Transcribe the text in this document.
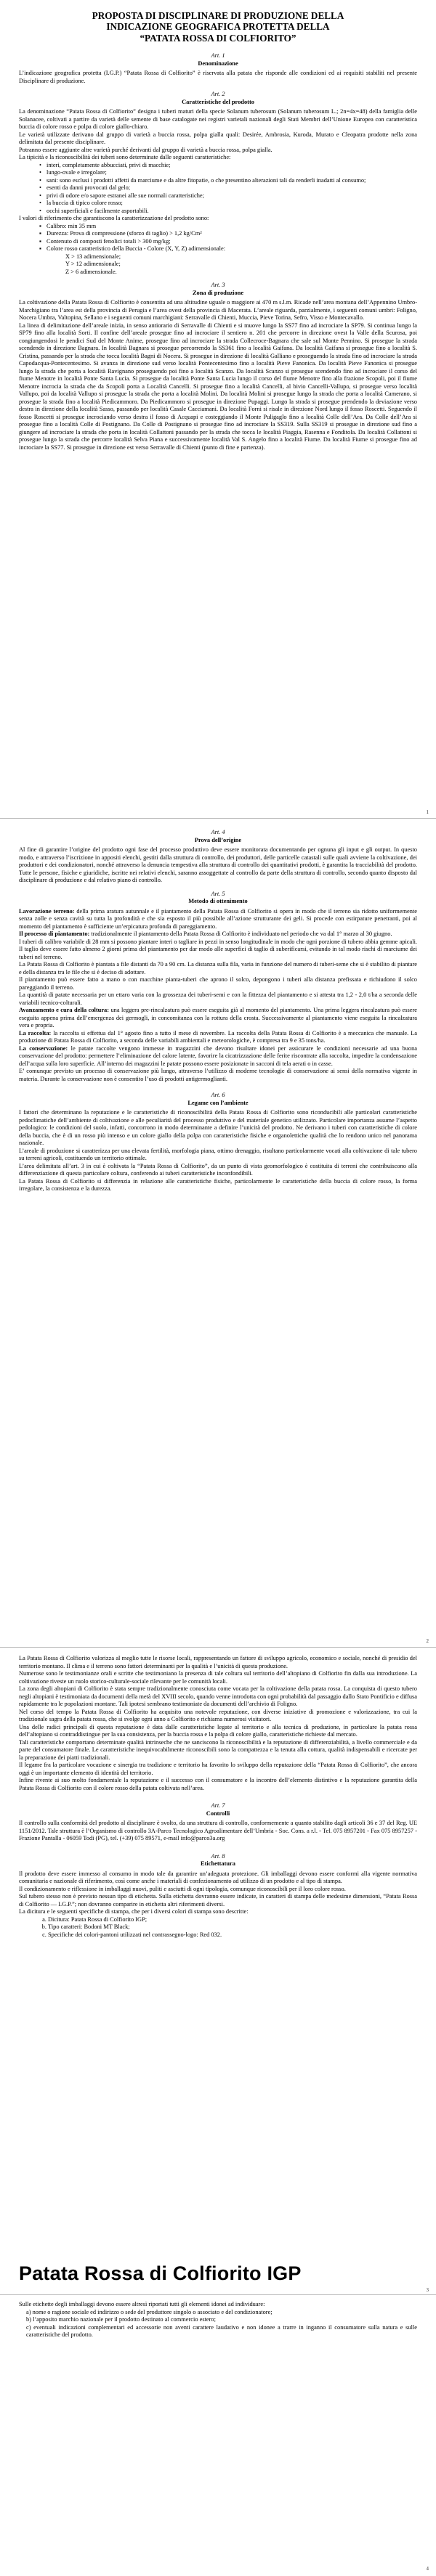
PROPOSTA DI DISCIPLINARE DI PRODUZIONE DELLA

INDICAZIONE GEOGRAFICA PROTETTA DELLA

“PATATA ROSSA DI COLFIORITO”

Art. 1

Denominazione

L’indicazione geografica protetta (I.G.P.) “Patata Rossa di Colfiorito” è riservata alla patata che risponde alle condizioni ed ai requisiti stabiliti nel presente Disciplinare di produzione.

Art. 2

Caratteristiche del prodotto

La denominazione “Patata Rossa di Colfiorito” designa i tuberi maturi della specie Solanum tuberosum (Solanum tuberosum L.; 2n=4x=48) della famiglia delle Solanacee, coltivati a partire da varietà delle semente di base catalogate nei registri varietali nazionali degli Stati Membri dell’Unione Europea con caratteristica buccia di colore rosso e polpa di colore giallo-chiaro.

Le varietà utilizzate derivano dal gruppo di varietà a buccia rossa, polpa gialla quali: Desirée, Ambrosia, Kuroda, Murato e Cleopatra prodotte nella zona delimitata dal presente disciplinare.

Potranno essere aggiunte altre varietà purché derivanti dal gruppo di varietà a buccia rossa, polpa gialla.

La tipicità e la riconoscibilità dei tuberi sono determinate dalle seguenti caratteristiche:

• interi, completamente abbucciati, privi di macchie;
• lungo-ovale e irregolare;
• sani: sono esclusi i prodotti affetti da marciume e da altre fitopatie, o che presentino alterazioni tali da renderli inadatti al consumo;
• esenti da danni provocati dal gelo;
• privi di odore e/o sapore estranei alle sue normali caratteristiche;
• la buccia di tipico colore rosso;
• occhi superficiali e facilmente asportabili.

I valori di riferimento che garantiscono la caratterizzazione del prodotto sono:

▪ Calibro: min 35 mm
▪ Durezza: Prova di compressione (sforzo di taglio) > 1,2 kg/Cm²
▪ Contenuto di composti fenolici totali > 300 mg/kg;
▪ Colore rosso caratteristico della Buccia - Colore (X, Y, Z) adimensionale:
X > 13 adimensionale;
Y > 12 adimensionale;
Z > 6 adimensionale.

Art. 3

Zona di produzione

La coltivazione della Patata Rossa di Colfiorito è consentita ad una altitudine uguale o maggiore ai 470 m s.l.m. Ricade nell’area montana dell’Appennino Umbro-Marchigiano tra l’area est della provincia di Perugia e l’area ovest della provincia di Macerata. L’areale riguarda, parzialmente, i seguenti comuni umbri: Foligno, Nocera Umbra, Valtopina, Sellano e i seguenti comuni marchigiani: Serravalle di Chienti, Muccia, Pieve Torina, Sefro, Visso e Montecavallo.

La linea di delimitazione dell’areale inizia, in senso antiorario di Serravalle di Chienti e si muove lungo la SS77 fino ad incrociare la SP79. Si continua lungo la SP79 fino alla località Sorti. Il confine dell’areale prosegue fino ad incrociare il sentiero n. 201 che percorre in direzione ovest la Valle della Scurosa, poi congiungendosi le pendici Sud del Monte Anime, prosegue fino ad incrociare la strada Collecroce-Bagnara che sale sul Monte Pennino. Si prosegue la strada scendendo in direzione Bagnara. In località Bagnara si prosegue percorrendo la SS361 fino a località Gaifana. Da località Gaifana si prosegue fino a località S. Cristina, passando per la strada che tocca località Bagni di Nocera. Si prosegue in direzione di località Galliano e proseguendo la strada fino ad incrociare la strada Capodacqua-Pontecentesimo. Si avanza in direzione sud verso località Pontecentesimo fino a località Pieve Fanonica. Da località Pieve Fanonica si prosegue lungo la strada che porta a località Ravignano proseguendo poi fino a località Scanzo. Da località Scanzo si prosegue scendendo fino ad incrociare il corso del fiume Menotre in località Ponte Santa Lucia. Si prosegue da località Ponte Santa Lucia lungo il corso del fiume Menotre fino alla frazione Scopoli, poi il fiume Menotre incrocia la strada che da Scopoli porta a Località Cancelli. Si prosegue fino a località Cancelli, al bivio Cancelli-Vallupo, si prosegue verso località Vallupo, poi da località Vallupo si prosegue la strada che porta a località Molini. Da località Molini si prosegue lungo la strada che porta a località Camerano, si prosegue la strada fino a località Piedicammoro. Da Piedicammoro si prosegue in direzione Pupaggi. Lungo la strada si prosegue prendendo la deviazione verso destra in direzione della località Sasso, passando per località Casale Cacciamani. Da località Forni si risale in direzione Nord lungo il fosso Roscetti. Seguendo il fosso Roscetti si prosegue incrociando verso destra il fosso di Acquapi e costeggiando il Monte Puligaglo fino a località Colle dell’Ara. Da Colle dell’Ara si prosegue fino a località Colle di Postignano. Da Colle di Postignano si prosegue fino ad incrociare la SS319. Sulla SS319 si prosegue in direzione sud fino a giungere ad incrociare la strada che porta in località Collattoni passando per la strada che tocca le località Piaggia, Rasenna e Fonditola. Da località Collattoni si prosegue lungo la strada che percorre località Selva Piana e successivamente località Val S. Angelo fino a località Fiume. Da località Fiume si prosegue fino ad incrociare la SS77. Si prosegue in direzione est verso Serravalle di Chienti (punto di fine e partenza).

1

Art. 4

Prova dell’origine

Al fine di garantire l’origine del prodotto ogni fase del processo produttivo deve essere monitorata documentando per ognuna gli input e gli output. In questo modo, e attraverso l’iscrizione in appositi elenchi, gestiti dalla struttura di controllo, dei produttori, delle particelle catastali sulle quali avviene la coltivazione, dei produttori e dei condizionatori, nonché attraverso la denuncia tempestiva alla struttura di controllo dei quantitativi prodotti, è garantita la tracciabilità del prodotto. Tutte le persone, fisiche e giuridiche, iscritte nei relativi elenchi, saranno assoggettate al controllo da parte della struttura di controllo, secondo quanto disposto dal disciplinare di produzione e dal relativo piano di controllo.

Art. 5

Metodo di ottenimento

Lavorazione terreno: della prima aratura autunnale e il piantamento della Patata Rossa di Colfiorito si opera in modo che il terreno sia ridotto uniformemente senza zolle e senza cavità su tutta la profondità e che sia esposto il più possibile all’azione strutturante dei geli. Si procede con estirpature penetranti, poi al momento del piantamento è sufficiente un’erpicatura profonda di pareggiamento.

Il processo di piantamento: tradizionalmente il piantamento della Patata Rossa di Colfiorito è individuato nel periodo che va dal 1° marzo al 30 giugno.

I tuberi di calibro variabile di 28 mm si possono piantare interi o tagliare in pezzi in senso longitudinale in modo che ogni porzione di tubero abbia gemme apicali. Il taglio deve essere fatto almeno 2 giorni prima del piantamento per dar modo alle superfici di taglio di suberificarsi, evitando in tal modo rischi di marciume dei tuberi nel terreno.

La Patata Rossa di Colfiorito è piantata a file distanti da 70 a 90 cm. La distanza sulla fila, varia in funzione del numero di tuberi-seme che si è stabilito di piantare e della distanza tra le file che si è deciso di adottare.

Il piantamento può essere fatto a mano o con macchine pianta-tuberi che aprono il solco, depongono i tuberi alla distanza prefissata e richiudono il solco pareggiando il terreno.

La quantità di patate necessaria per un ettaro varia con la grossezza dei tuberi-semi e con la fittezza del piantamento e si attesta tra 1,2 - 2,0 t/ha a seconda delle variabili tecnico-colturali.

Avanzamento e cura della coltura: una leggera pre-rincalzatura può essere eseguita già al momento del piantamento. Una prima leggera rincalzatura può essere eseguita appena prima dell’emergenza dei germogli, in concomitanza con la rottura della crosta. Successivamente al piantamento viene eseguita la rincalzatura vera e propria.

La raccolta: la raccolta si effettua dal 1° agosto fino a tutto il mese di novembre. La raccolta della Patata Rossa di Colfiorito è a meccanica che manuale. La produzione di Patata Rossa di Colfiorito, a seconda delle variabili ambientali e meteorologiche, è compresa tra 9 e 35 tons/ha.

La conservazione: le patate raccolte vengono immesse in magazzini che devono risultare idonei per assicurare le condizioni necessarie ad una buona conservazione del prodotto: permettere l’eliminazione del calore latente, favorire la cicatrizzazione delle ferite riscontrate alla raccolta, impedire la condensazione dell’acqua sulla loro superficie. All’interno dei magazzini le patate possono essere posizionate in sacconi di tela aerati o in casse.

E’ comunque previsto un processo di conservazione più lungo, attraverso l’utilizzo di moderne tecnologie di conservazione ai sensi della normativa vigente in materia. Durante la conservazione non è consentito l’uso di prodotti antigermoglianti.

Art. 6

Legame con l’ambiente

I fattori che determinano la reputazione e le caratteristiche di riconoscibilità della Patata Rossa di Colfiorito sono riconducibili alle particolari caratteristiche pedoclimatiche dell’ambiente di coltivazione e alle peculiarità del processo produttivo e del materiale genetico utilizzato. Particolare importanza assume l’aspetto pedologico: le condizioni del suolo, infatti, concorrono in modo determinante a definire l’unicità del prodotto. Ne derivano i tuberi con caratteristiche di colore della buccia, che è di un rosso più intenso e un colore giallo della polpa con caratteristiche fisiche e organolettiche qualità che lo rendono unico nel panorama nazionale.

L’areale di produzione si caratterizza per una elevata fertilità, morfologia piana, ottimo drenaggio, risultano particolarmente vocati alla coltivazione di tale tubero su terreni agricoli, costituendo un territorio ottimale.

L’area delimitata all’art. 3 in cui è coltivata la “Patata Rossa di Colfiorito”, da un punto di vista geomorfologico è costituita di terreni che contribuiscono alla differenziazione di questa particolare coltura, conferendo ai tuberi caratteristiche inconfondibili.

La Patata Rossa di Colfiorito si differenzia in relazione alle caratteristiche fisiche, particolarmente le caratteristiche della buccia di colore rosso, la forma irregolare, la consistenza e la durezza.

2

La Patata Rossa di Colfiorito valorizza al meglio tutte le risorse locali, rappresentando un fattore di sviluppo agricolo, economico e sociale, nonché di presidio del territorio montano. Il clima e il terreno sono fattori determinanti per la qualità e l’unicità di questa produzione.

Numerose sono le testimonianze orali e scritte che testimoniano la presenza di tale coltura sul territorio dell’altopiano di Colfiorito fin dalla sua introduzione. La coltivazione riveste un ruolo storico-culturale-sociale rilevante per le comunità locali.

La zona degli altopiani di Colfiorito è stata sempre tradizionalmente conosciuta come vocata per la coltivazione della patata rossa. La conquista di questo tubero negli altopiani è testimoniata da documenti della metà del XVIII secolo, quando venne introdotta con ogni probabilità dal passaggio dallo Stato Pontificio e diffusa rapidamente tra le popolazioni montane. Tali ipotesi sembrano testimoniate da documenti dell’archivio di Foligno.

Nel corso del tempo la Patata Rossa di Colfiorito ha acquisito una notevole reputazione, con diverse iniziative di promozione e valorizzazione, tra cui la tradizionale sagra della patata rossa, che si svolge ogni anno a Colfiorito e richiama numerosi visitatori.

Una delle radici principali di questa reputazione è data dalle caratteristiche legate al territorio e alla tecnica di produzione, in particolare la patata rossa dell’altopiano si contraddistingue per la sua consistenza, per la buccia rossa e la polpa di colore giallo, caratteristiche richieste dal mercato.

Tali caratteristiche comportano determinate qualità intrinseche che ne sanciscono la riconoscibilità e la reputazione di differenziabilità, a livello commerciale e da parte del consumatore finale. Le caratteristiche inequivocabilmente riconoscibili sono la compattezza e la tenuta alla cottura, qualità indispensabili e ricercate per la preparazione dei piatti tradizionali.

Il legame fra la particolare vocazione e sinergia tra tradizione e territorio ha favorito lo sviluppo della reputazione della “Patata Rossa di Colfiorito”, che ancora oggi è un importante elemento di identità del territorio.

Infine rivente ai suo molto fondamentale la reputazione e il successo con il consumatore e la incontro dell’elemento distintivo e la reputazione garantita della Patata Rossa di Colfiorito con il colore rosso della patata coltivata nell’area.

Art. 7

Controlli

Il controllo sulla conformità del prodotto al disciplinare è svolto, da una struttura di controllo, conformemente a quanto stabilito dagli articoli 36 e 37 del Reg. UE 1151/2012. Tale struttura è l’Organismo di controllo 3A-Parco Tecnologico Agroalimentare dell’Umbria - Soc. Cons. a r.l. - Tel. 075 8957201 - Fax 075 8957257 - Frazione Pantalla - 06059 Todi (PG), tel. (+39) 075 89571, e-mail info@parco3a.org

Art. 8

Etichettatura

Il prodotto deve essere immesso al consumo in modo tale da garantire un’adeguata protezione. Gli imballaggi devono essere conformi alla vigente normativa comunitaria e nazionale di riferimento, così come anche i materiali di confezionamento ad utilizzo di un prodotto e al tipo di stampa.

Il condizionamento e riflessione in imballaggi nuovi, puliti e asciutti di ogni tipologia, comunque riconoscibili per il loro colore rosso.

Sul tubero stesso non è previsto nessun tipo di etichetta. Sulla etichetta dovranno essere indicate, in caratteri di stampa delle medesime dimensioni, “Patata Rossa di Colfiorito — I.G.P.”; non dovranno comparire in etichetta altri riferimenti diversi.

La dicitura e le seguenti specifiche di stampa, che per i diversi colori di stampa sono descritte:

a. Dicitura: Patata Rossa di Colfiorito IGP;
b. Tipo caratteri: Bodoni MT Black;
c. Specifiche dei colori-pantoni utilizzati nel contrassegno-logo: Red 032.
Patata Rossa di Colfiorito IGP
3

Sulle etichette degli imballaggi devono essere altresì riportati tutti gli elementi idonei ad individuare:

a) nome o ragione sociale ed indirizzo o sede del produttore singolo o associato e del condizionatore;

b) l’apposito marchio nazionale per il prodotto destinato al commercio estero;

c) eventuali indicazioni complementari ed accessorie non aventi carattere laudativo e non idonee a trarre in inganno il consumatore sulla natura e sulle caratteristiche del prodotto.

4
